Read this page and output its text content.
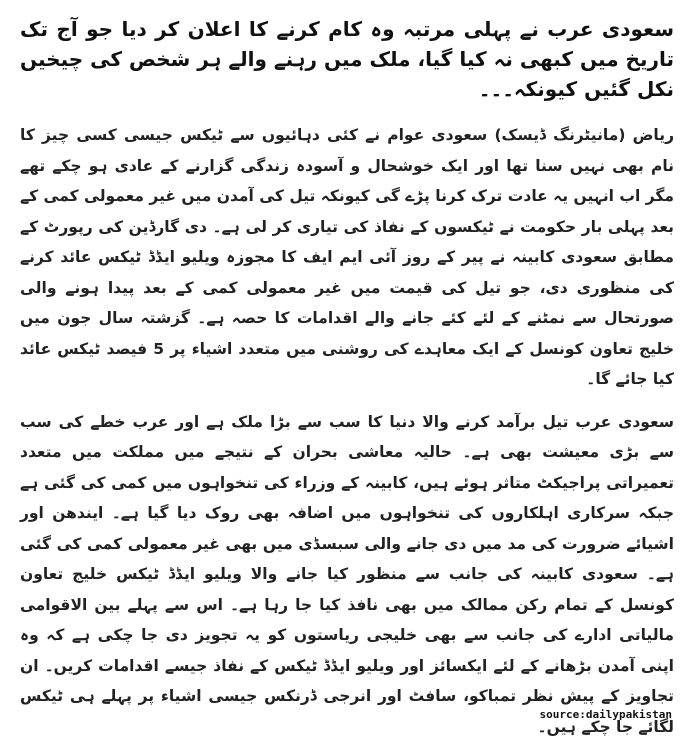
سعودی عرب نے پہلی مرتبہ وہ کام کرنے کا اعلان کر دیا جو آج تک تاریخ میں کبھی نہ کیا گیا، ملک میں رہنے والے ہر شخص کی چیخیں نکل گئیں کیونکہ۔۔۔
ریاض (مانیٹرنگ ڈیسک) سعودی عوام نے کئی دہائیوں سے ٹیکس جیسی کسی چیز کا نام بھی نہیں سنا تھا اور ایک خوشحال و آسودہ زندگی گزارنے کے عادی ہو چکے تھے مگر اب انہیں یہ عادت ترک کرنا پڑے گی کیونکہ تیل کی آمدن میں غیر معمولی کمی کے بعد پہلی بار حکومت نے ٹیکسوں کے نفاذ کی تیاری کر لی ہے۔ دی گارڈین کی رپورٹ کے مطابق سعودی کابینہ نے پیر کے روز آئی ایم ایف کا مجوزہ ویلیو ایڈڈ ٹیکس عائد کرنے کی منظوری دی، جو تیل کی قیمت میں غیر معمولی کمی کے بعد پیدا ہونے والی صورتحال سے نمٹنے کے لئے کئے جانے والے اقدامات کا حصہ ہے۔ گزشتہ سال جون میں خلیج تعاون کونسل کے ایک معاہدے کی روشنی میں متعدد اشیاء پر 5 فیصد ٹیکس عائد کیا جائے گا۔
سعودی عرب تیل برآمد کرنے والا دنیا کا سب سے بڑا ملک ہے اور عرب خطے کی سب سے بڑی معیشت بھی ہے۔ حالیہ معاشی بحران کے نتیجے میں مملکت میں متعدد تعمیراتی پراجیکٹ متاثر ہوئے ہیں، کابینہ کے وزراء کی تنخواہوں میں کمی کی گئی ہے جبکہ سرکاری اہلکاروں کی تنخواہوں میں اضافہ بھی روک دیا گیا ہے۔ ایندھن اور اشیائے ضرورت کی مد میں دی جانے والی سبسڈی میں بھی غیر معمولی کمی کی گئی ہے۔ سعودی کابینہ کی جانب سے منظور کیا جانے والا ویلیو ایڈڈ ٹیکس خلیج تعاون کونسل کے تمام رکن ممالک میں بھی نافذ کیا جا رہا ہے۔ اس سے پہلے بین الاقوامی مالیاتی ادارے کی جانب سے بھی خلیجی ریاستوں کو یہ تجویز دی جا چکی ہے کہ وہ اپنی آمدن بڑھانے کے لئے ایکسائز اور ویلیو ایڈڈ ٹیکس کے نفاذ جیسے اقدامات کریں۔ ان تجاویز کے پیش نظر تمباکو، سافٹ اور انرجی ڈرنکس جیسی اشیاء پر پہلے ہی ٹیکس لگائے جا چکے ہیں۔
source:dailypakistan
